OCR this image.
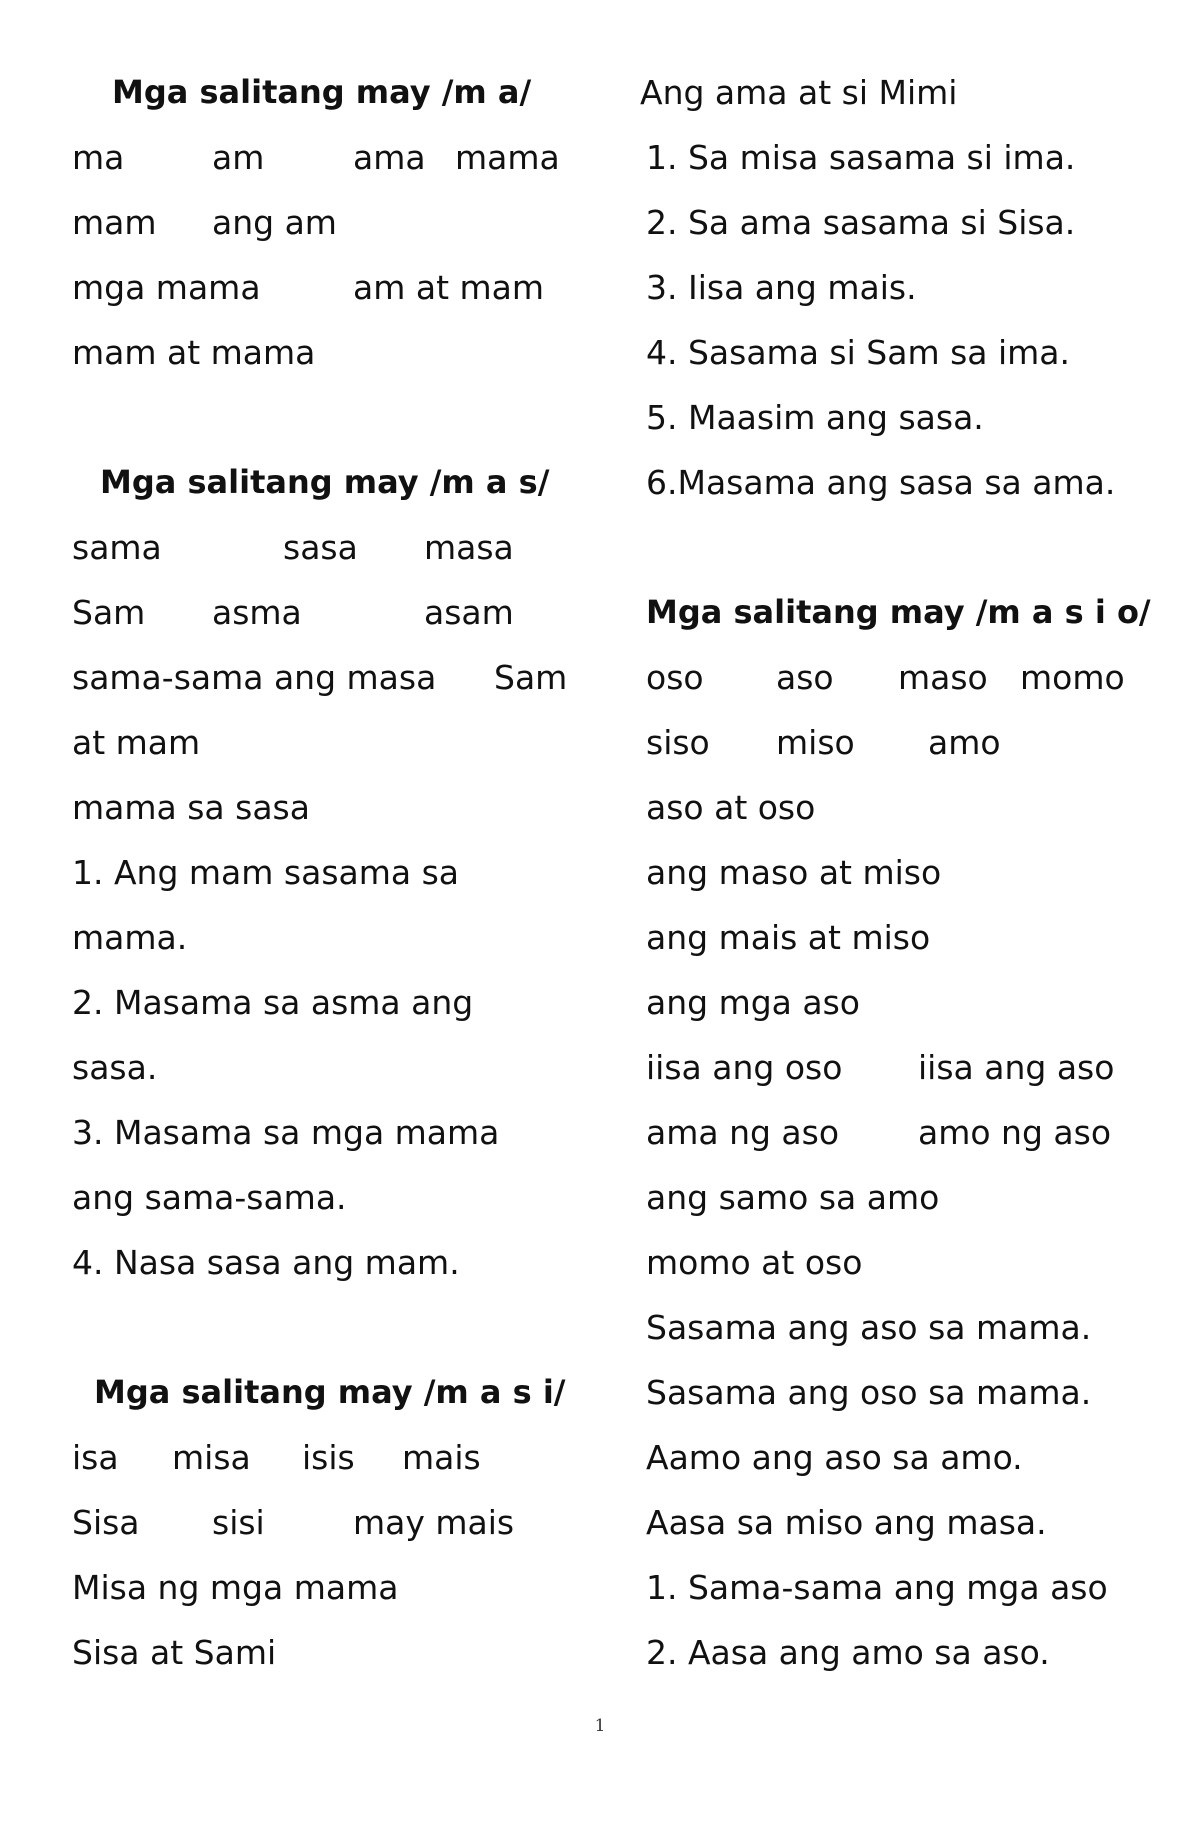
Mga salitang may /m a/
ma	am	ama mama
mam ang am
mga mama	am at mam
mam at mama
Mga salitang may /m a s/
sama	sasa masa
Sam asma	asam
sama-sama ang masa Sam
at mam
mama sa sasa
1. Ang mam sasama sa
mama.
2. Masama sa asma ang
sasa.
3. Masama sa mga mama
ang sama-sama.
4. Nasa sasa ang mam.
Mga salitang may /m a s i/
isa misa isis mais
Sisa sisi	may mais
Misa ng mga mama
Sisa at Sami
Ang ama at si Mimi
1. Sa misa sasama si ima.
2. Sa ama sasama si Sisa.
3. Iisa ang mais.
4. Sasama si Sam sa ima.
5. Maasim ang sasa.
6.Masama ang sasa sa ama.
Mga salitang may /m a s i o/
oso aso maso momo
siso miso amo
aso at oso
ang maso at miso
ang mais at miso
ang mga aso
iisa ang oso iisa ang aso
ama ng aso amo ng aso
ang samo sa amo
momo at oso
Sasama ang aso sa mama.
Sasama ang oso sa mama.
Aamo ang aso sa amo.
Aasa sa miso ang masa.
1. Sama-sama ang mga aso
2. Aasa ang amo sa aso.
1
